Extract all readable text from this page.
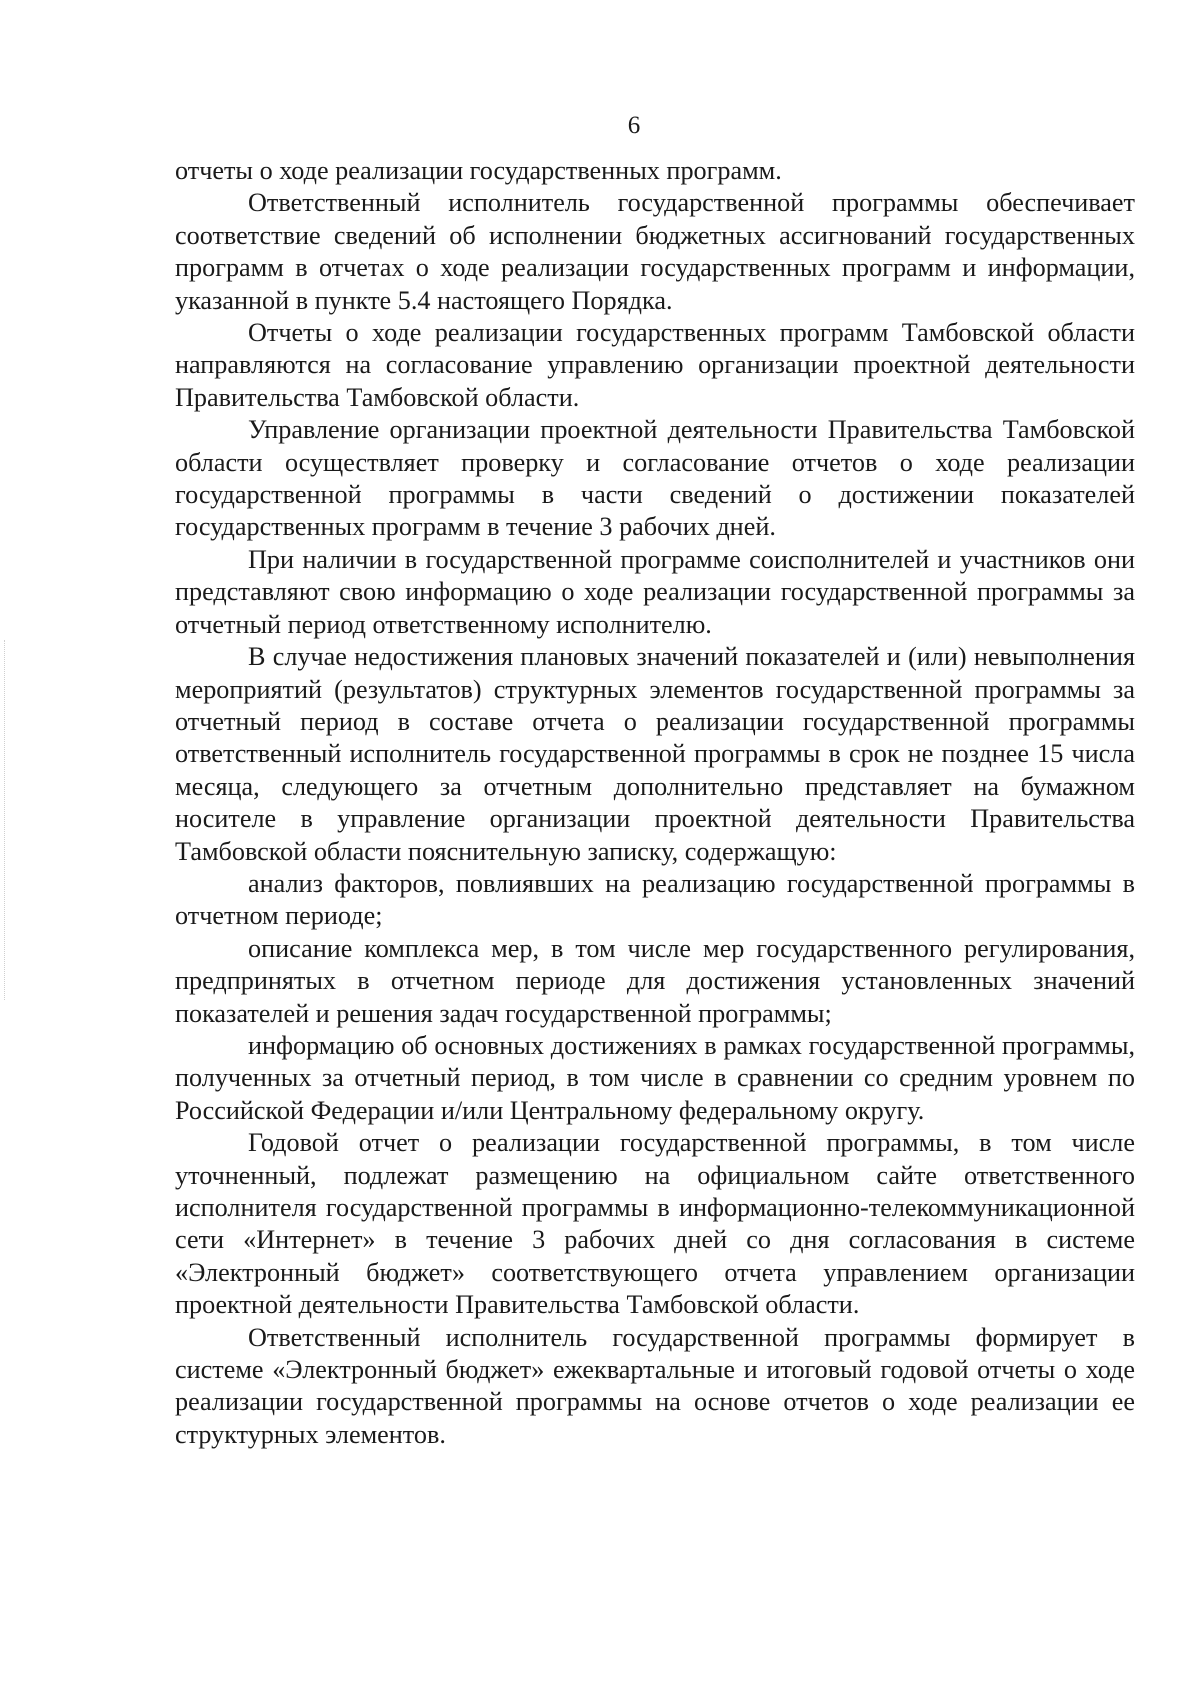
6

отчеты о ходе реализации государственных программ.

Ответственный исполнитель государственной программы обеспечивает соответствие сведений об исполнении бюджетных ассигнований государственных программ в отчетах о ходе реализации государственных программ и информации, указанной в пункте 5.4 настоящего Порядка.

Отчеты о ходе реализации государственных программ Тамбовской области направляются на согласование управлению организации проектной деятельности Правительства Тамбовской области.

Управление организации проектной деятельности Правительства Тамбовской области осуществляет проверку и согласование отчетов о ходе реализации государственной программы в части сведений о достижении показателей государственных программ в течение 3 рабочих дней.

При наличии в государственной программе соисполнителей и участников они представляют свою информацию о ходе реализации государственной программы за отчетный период ответственному исполнителю.

В случае недостижения плановых значений показателей и (или) невыполнения мероприятий (результатов) структурных элементов государственной программы за отчетный период в составе отчета о реализации государственной программы ответственный исполнитель государственной программы в срок не позднее 15 числа месяца, следующего за отчетным дополнительно представляет на бумажном носителе в управление организации проектной деятельности Правительства Тамбовской области пояснительную записку, содержащую:

анализ факторов, повлиявших на реализацию государственной программы в отчетном периоде;

описание комплекса мер, в том числе мер государственного регулирования, предпринятых в отчетном периоде для достижения установленных значений показателей и решения задач государственной программы;

информацию об основных достижениях в рамках государственной программы, полученных за отчетный период, в том числе в сравнении со средним уровнем по Российской Федерации и/или Центральному федеральному округу.

Годовой отчет о реализации государственной программы, в том числе уточненный, подлежат размещению на официальном сайте ответственного исполнителя государственной программы в информационно-телекоммуникационной сети «Интернет» в течение 3 рабочих дней со дня согласования в системе «Электронный бюджет» соответствующего отчета управлением организации проектной деятельности Правительства Тамбовской области.

Ответственный исполнитель государственной программы формирует в системе «Электронный бюджет» ежеквартальные и итоговый годовой отчеты о ходе реализации государственной программы на основе отчетов о ходе реализации ее структурных элементов.
